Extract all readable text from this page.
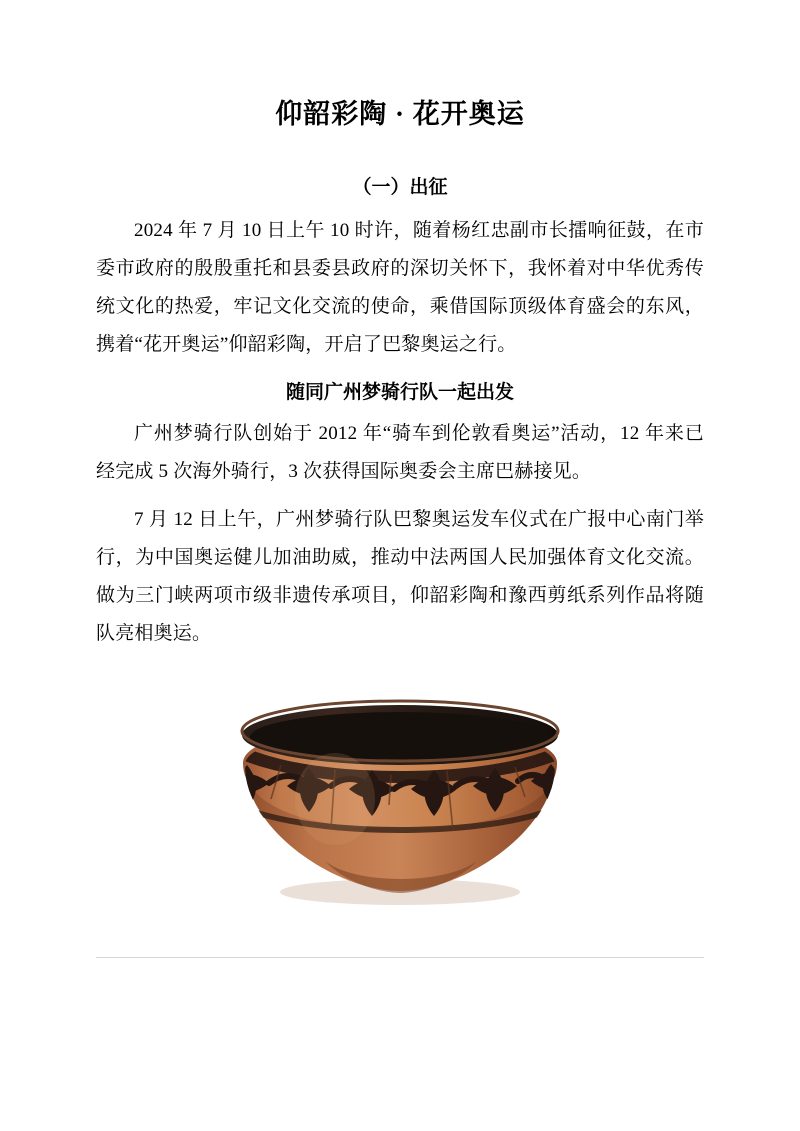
仰韶彩陶 · 花开奥运
（一）出征

2024 年 7 月 10 日上午 10 时许，随着杨红忠副市长擂响征鼓，在市委市政府的殷殷重托和县委县政府的深切关怀下，我怀着对中华优秀传统文化的热爱，牢记文化交流的使命，乘借国际顶级体育盛会的东风，携着“花开奥运”仰韶彩陶，开启了巴黎奥运之行。

随同广州梦骑行队一起出发

广州梦骑行队创始于 2012 年“骑车到伦敦看奥运”活动，12 年来已经完成 5 次海外骑行，3 次获得国际奥委会主席巴赫接见。

7 月 12 日上午，广州梦骑行队巴黎奥运发车仪式在广报中心南门举行，为中国奥运健儿加油助威，推动中法两国人民加强体育文化交流。做为三门峡两项市级非遗传承项目，仰韶彩陶和豫西剪纸系列作品将随队亮相奥运。
